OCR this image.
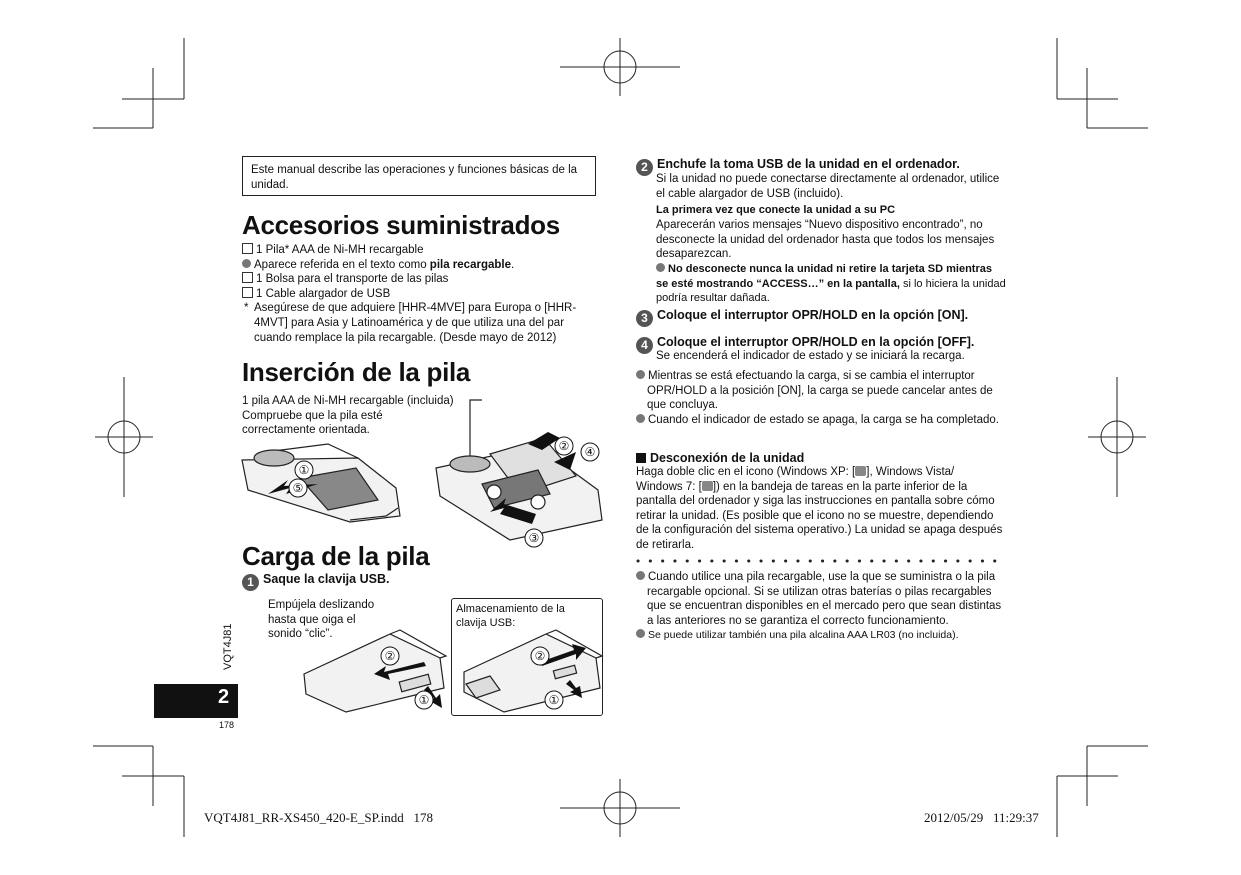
Este manual describe las operaciones y funciones básicas de la unidad.
Accesorios suministrados
1 Pila* AAA de Ni-MH recargable
Aparece referida en el texto como pila recargable.
1 Bolsa para el transporte de las pilas
1 Cable alargador de USB
* Asegúrese de que adquiere [HHR-4MVE] para Europa o [HHR-4MVT] para Asia y Latinoamérica y de que utiliza una del par cuando remplace la pila recargable. (Desde mayo de 2012)
Inserción de la pila
1 pila AAA de Ni-MH recargable (incluida)
Compruebe que la pila esté
correctamente orientada.
①
⑤
② ④
③
Carga de la pila
1 Saque la clavija USB.
Empújela deslizando
hasta que oiga el
sonido “clic”.
Almacenamiento de la
clavija USB:
②
①
②
①
VQT4J81
2
178
2 Enchufe la toma USB de la unidad en el ordenador.
Si la unidad no puede conectarse directamente al ordenador, utilice el cable alargador de USB (incluido).
La primera vez que conecte la unidad a su PC
Aparecerán varios mensajes “Nuevo dispositivo encontrado”, no desconecte la unidad del ordenador hasta que todos los mensajes desaparezcan.
No desconecte nunca la unidad ni retire la tarjeta SD mientras se esté mostrando “ACCESS…” en la pantalla, si lo hiciera la unidad podría resultar dañada.
3 Coloque el interruptor OPR/HOLD en la opción [ON].
4 Coloque el interruptor OPR/HOLD en la opción [OFF].
Se encenderá el indicador de estado y se iniciará la recarga.
Mientras se está efectuando la carga, si se cambia el interruptor OPR/HOLD a la posición [ON], la carga se puede cancelar antes de que concluya.
Cuando el indicador de estado se apaga, la carga se ha completado.
Desconexión de la unidad
Haga doble clic en el icono (Windows XP: [ ], Windows Vista/ Windows 7: [ ]) en la bandeja de tareas en la parte inferior de la pantalla del ordenador y siga las instrucciones en pantalla sobre cómo retirar la unidad. (Es posible que el icono no se muestre, dependiendo de la configuración del sistema operativo.) La unidad se apaga después de retirarla.
Cuando utilice una pila recargable, use la que se suministra o la pila recargable opcional. Si se utilizan otras baterías o pilas recargables que se encuentran disponibles en el mercado pero que sean distintas a las anteriores no se garantiza el correcto funcionamiento.
Se puede utilizar también una pila alcalina AAA LR03 (no incluida).
VQT4J81_RR-XS450_420-E_SP.indd   178	2012/05/29   11:29:37
